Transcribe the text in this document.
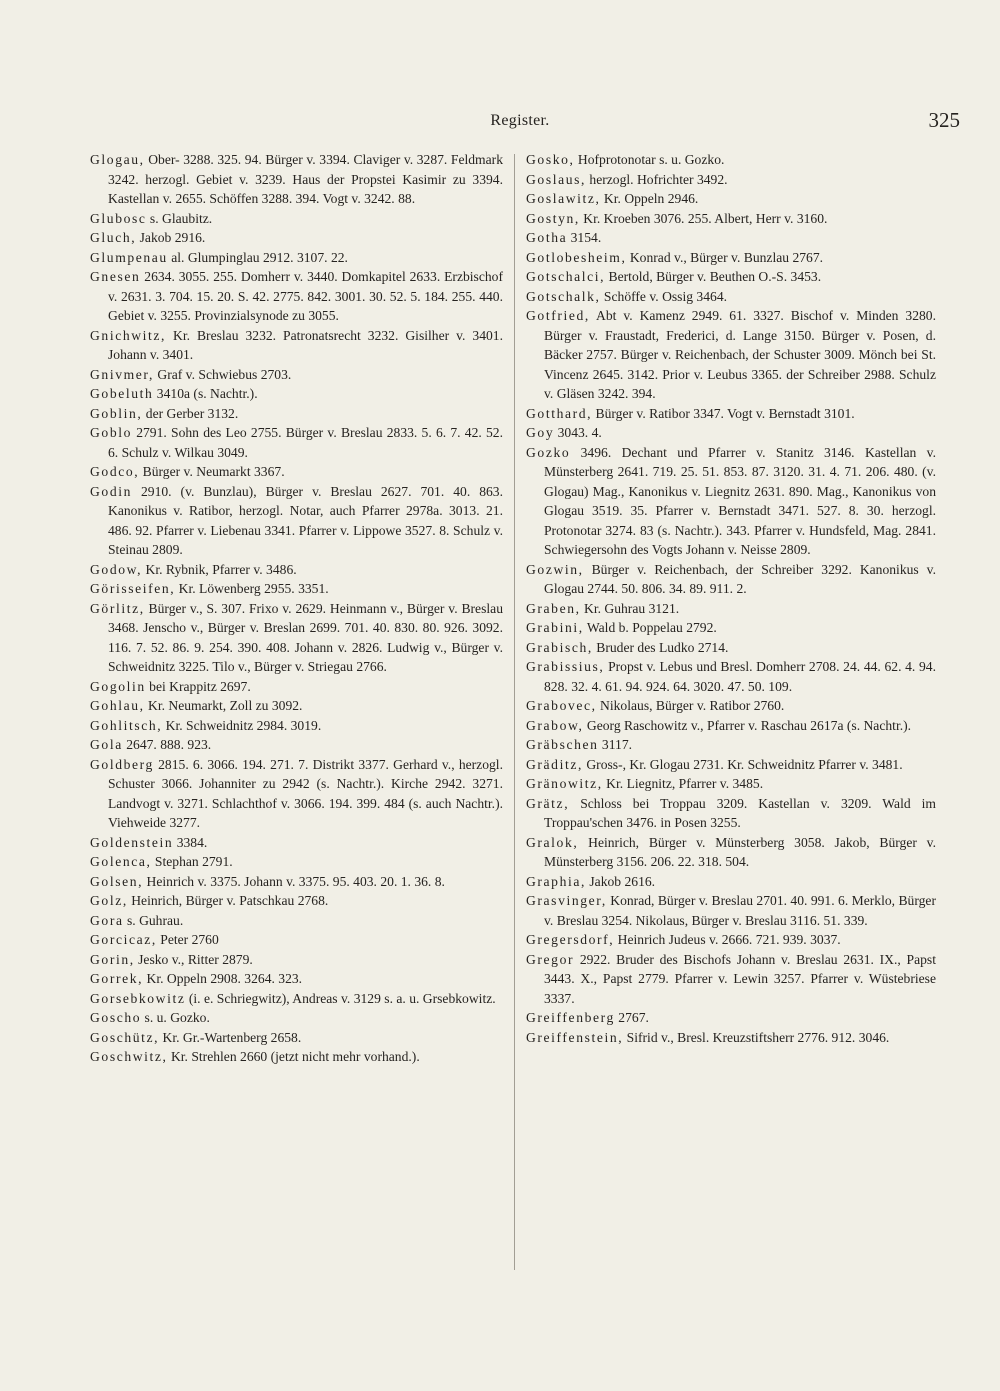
Register.	325
Glogau, Ober- 3288. 325. 94. Bürger v. 3394. Claviger v. 3287. Feldmark 3242. herzogl. Gebiet v. 3239. Haus der Propstei Kasimir zu 3394. Kastellan v. 2655. Schöffen 3288. 394. Vogt v. 3242. 88.
Glubosc s. Glaubitz.
Gluch, Jakob 2916.
Glumpenau al. Glumpinglau 2912. 3107. 22.
Gnesen 2634. 3055. 255. Domherr v. 3440. Domkapitel 2633. Erzbischof v. 2631. 3. 704. 15. 20. S. 42. 2775. 842. 3001. 30. 52. 5. 184. 255. 440. Gebiet v. 3255. Provinzialsynode zu 3055.
Gnichwitz, Kr. Breslau 3232. Patronatsrecht 3232. Gisilher v. 3401. Johann v. 3401.
Gnivmer, Graf v. Schwiebus 2703.
Gobeluth 3410a (s. Nachtr.).
Goblin, der Gerber 3132.
Goblo 2791. Sohn des Leo 2755. Bürger v. Breslau 2833. 5. 6. 7. 42. 52. 6. Schulz v. Wilkau 3049.
Godco, Bürger v. Neumarkt 3367.
Godin 2910. (v. Bunzlau), Bürger v. Breslau 2627. 701. 40. 863. Kanonikus v. Ratibor, herzogl. Notar, auch Pfarrer 2978a. 3013. 21. 486. 92. Pfarrer v. Liebenau 3341. Pfarrer v. Lippowe 3527. 8. Schulz v. Steinau 2809.
Godow, Kr. Rybnik, Pfarrer v. 3486.
Görisseifen, Kr. Löwenberg 2955. 3351.
Görlitz, Bürger v., S. 307. Frixo v. 2629. Heinmann v., Bürger v. Breslau 3468. Jenscho v., Bürger v. Breslan 2699. 701. 40. 830. 80. 926. 3092. 116. 7. 52. 86. 9. 254. 390. 408. Johann v. 2826. Ludwig v., Bürger v. Schweidnitz 3225. Tilo v., Bürger v. Striegau 2766.
Gogolin bei Krappitz 2697.
Gohlau, Kr. Neumarkt, Zoll zu 3092.
Gohlitsch, Kr. Schweidnitz 2984. 3019.
Gola 2647. 888. 923.
Goldberg 2815. 6. 3066. 194. 271. 7. Distrikt 3377. Gerhard v., herzogl. Schuster 3066. Johanniter zu 2942 (s. Nachtr.). Kirche 2942. 3271. Landvogt v. 3271. Schlachthof v. 3066. 194. 399. 484 (s. auch Nachtr.). Viehweide 3277.
Goldenstein 3384.
Golenca, Stephan 2791.
Golsen, Heinrich v. 3375. Johann v. 3375. 95. 403. 20. 1. 36. 8.
Golz, Heinrich, Bürger v. Patschkau 2768.
Gora s. Guhrau.
Gorcicaz, Peter 2760
Gorin, Jesko v., Ritter 2879.
Gorrek, Kr. Oppeln 2908. 3264. 323.
Gorsebkowitz (i. e. Schriegwitz), Andreas v. 3129 s. a. u. Grsebkowitz.
Goscho s. u. Gozko.
Goschütz, Kr. Gr.-Wartenberg 2658.
Goschwitz, Kr. Strehlen 2660 (jetzt nicht mehr vorhand.).
Gosko, Hofprotonotar s. u. Gozko.
Goslaus, herzogl. Hofrichter 3492.
Goslawitz, Kr. Oppeln 2946.
Gostyn, Kr. Kroeben 3076. 255. Albert, Herr v. 3160.
Gotha 3154.
Gotlobesheim, Konrad v., Bürger v. Bunzlau 2767.
Gotschalci, Bertold, Bürger v. Beuthen O.-S. 3453.
Gotschalk, Schöffe v. Ossig 3464.
Gotfried, Abt v. Kamenz 2949. 61. 3327. Bischof v. Minden 3280. Bürger v. Fraustadt, Frederici, d. Lange 3150. Bürger v. Posen, d. Bäcker 2757. Bürger v. Reichenbach, der Schuster 3009. Mönch bei St. Vincenz 2645. 3142. Prior v. Leubus 3365. der Schreiber 2988. Schulz v. Gläsen 3242. 394.
Gotthard, Bürger v. Ratibor 3347. Vogt v. Bernstadt 3101.
Goy 3043. 4.
Gozko 3496. Dechant und Pfarrer v. Stanitz 3146. Kastellan v. Münsterberg 2641. 719. 25. 51. 853. 87. 3120. 31. 4. 71. 206. 480. (v. Glogau) Mag., Kanonikus v. Liegnitz 2631. 890. Mag., Kanonikus von Glogau 3519. 35. Pfarrer v. Bernstadt 3471. 527. 8. 30. herzogl. Protonotar 3274. 83 (s. Nachtr.). 343. Pfarrer v. Hundsfeld, Mag. 2841. Schwiegersohn des Vogts Johann v. Neisse 2809.
Gozwin, Bürger v. Reichenbach, der Schreiber 3292. Kanonikus v. Glogau 2744. 50. 806. 34. 89. 911. 2.
Graben, Kr. Guhrau 3121.
Grabini, Wald b. Poppelau 2792.
Grabisch, Bruder des Ludko 2714.
Grabissius, Propst v. Lebus und Bresl. Domherr 2708. 24. 44. 62. 4. 94. 828. 32. 4. 61. 94. 924. 64. 3020. 47. 50. 109.
Grabovec, Nikolaus, Bürger v. Ratibor 2760.
Grabow, Georg Raschowitz v., Pfarrer v. Raschau 2617a (s. Nachtr.).
Gräbschen 3117.
Gräditz, Gross-, Kr. Glogau 2731. Kr. Schweidnitz Pfarrer v. 3481.
Gränowitz, Kr. Liegnitz, Pfarrer v. 3485.
Grätz, Schloss bei Troppau 3209. Kastellan v. 3209. Wald im Troppau'schen 3476. in Posen 3255.
Gralok, Heinrich, Bürger v. Münsterberg 3058. Jakob, Bürger v. Münsterberg 3156. 206. 22. 318. 504.
Graphia, Jakob 2616.
Grasvinger, Konrad, Bürger v. Breslau 2701. 40. 991. 6. Merklo, Bürger v. Breslau 3254. Nikolaus, Bürger v. Breslau 3116. 51. 339.
Gregersdorf, Heinrich Judeus v. 2666. 721. 939. 3037.
Gregor 2922. Bruder des Bischofs Johann v. Breslau 2631. IX., Papst 3443. X., Papst 2779. Pfarrer v. Lewin 3257. Pfarrer v. Wüstebriese 3337.
Greiffenberg 2767.
Greiffenstein, Sifrid v., Bresl. Kreuzstiftsherr 2776. 912. 3046.
